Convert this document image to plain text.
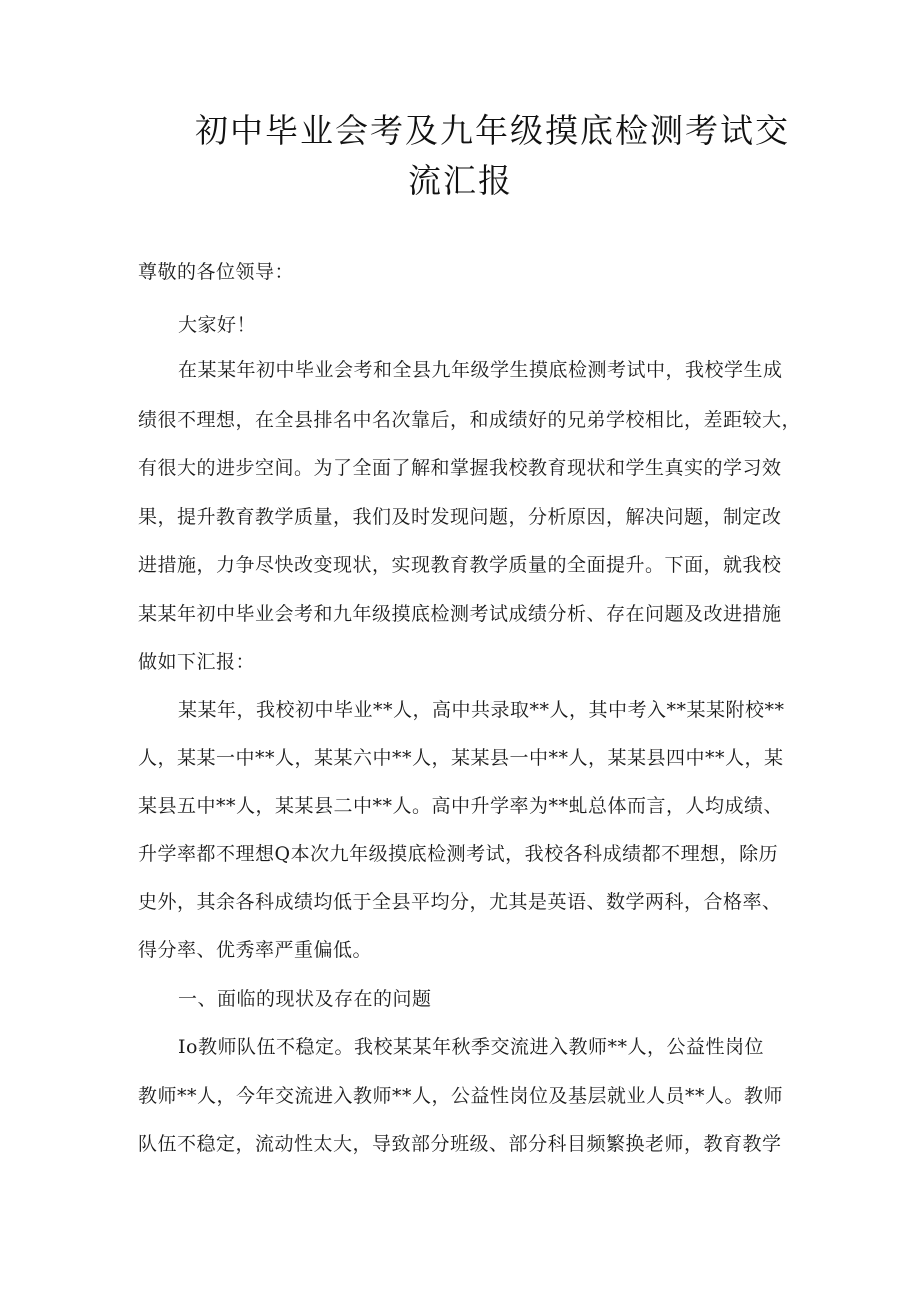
初中毕业会考及九年级摸底检测考试交
流汇报
尊敬的各位领导：
大家好！
在某某年初中毕业会考和全县九年级学生摸底检测考试中，我校学生成
绩很不理想，在全县排名中名次靠后，和成绩好的兄弟学校相比，差距较大，
有很大的进步空间。为了全面了解和掌握我校教育现状和学生真实的学习效
果，提升教育教学质量，我们及时发现问题，分析原因，解决问题，制定改
进措施，力争尽快改变现状，实现教育教学质量的全面提升。下面，就我校
某某年初中毕业会考和九年级摸底检测考试成绩分析、存在问题及改进措施
做如下汇报：
某某年，我校初中毕业**人，高中共录取**人，其中考入**某某附校**
人，某某一中**人，某某六中**人，某某县一中**人，某某县四中**人，某
某县五中**人，某某县二中**人。高中升学率为**虬总体而言，人均成绩、
升学率都不理想Q本次九年级摸底检测考试，我校各科成绩都不理想，除历
史外，其余各科成绩均低于全县平均分，尤其是英语、数学两科，合格率、
得分率、优秀率严重偏低。
一、面临的现状及存在的问题
Io教师队伍不稳定。我校某某年秋季交流进入教师**人，公益性岗位
教师**人，今年交流进入教师**人，公益性岗位及基层就业人员**人。教师
队伍不稳定，流动性太大，导致部分班级、部分科目频繁换老师，教育教学
